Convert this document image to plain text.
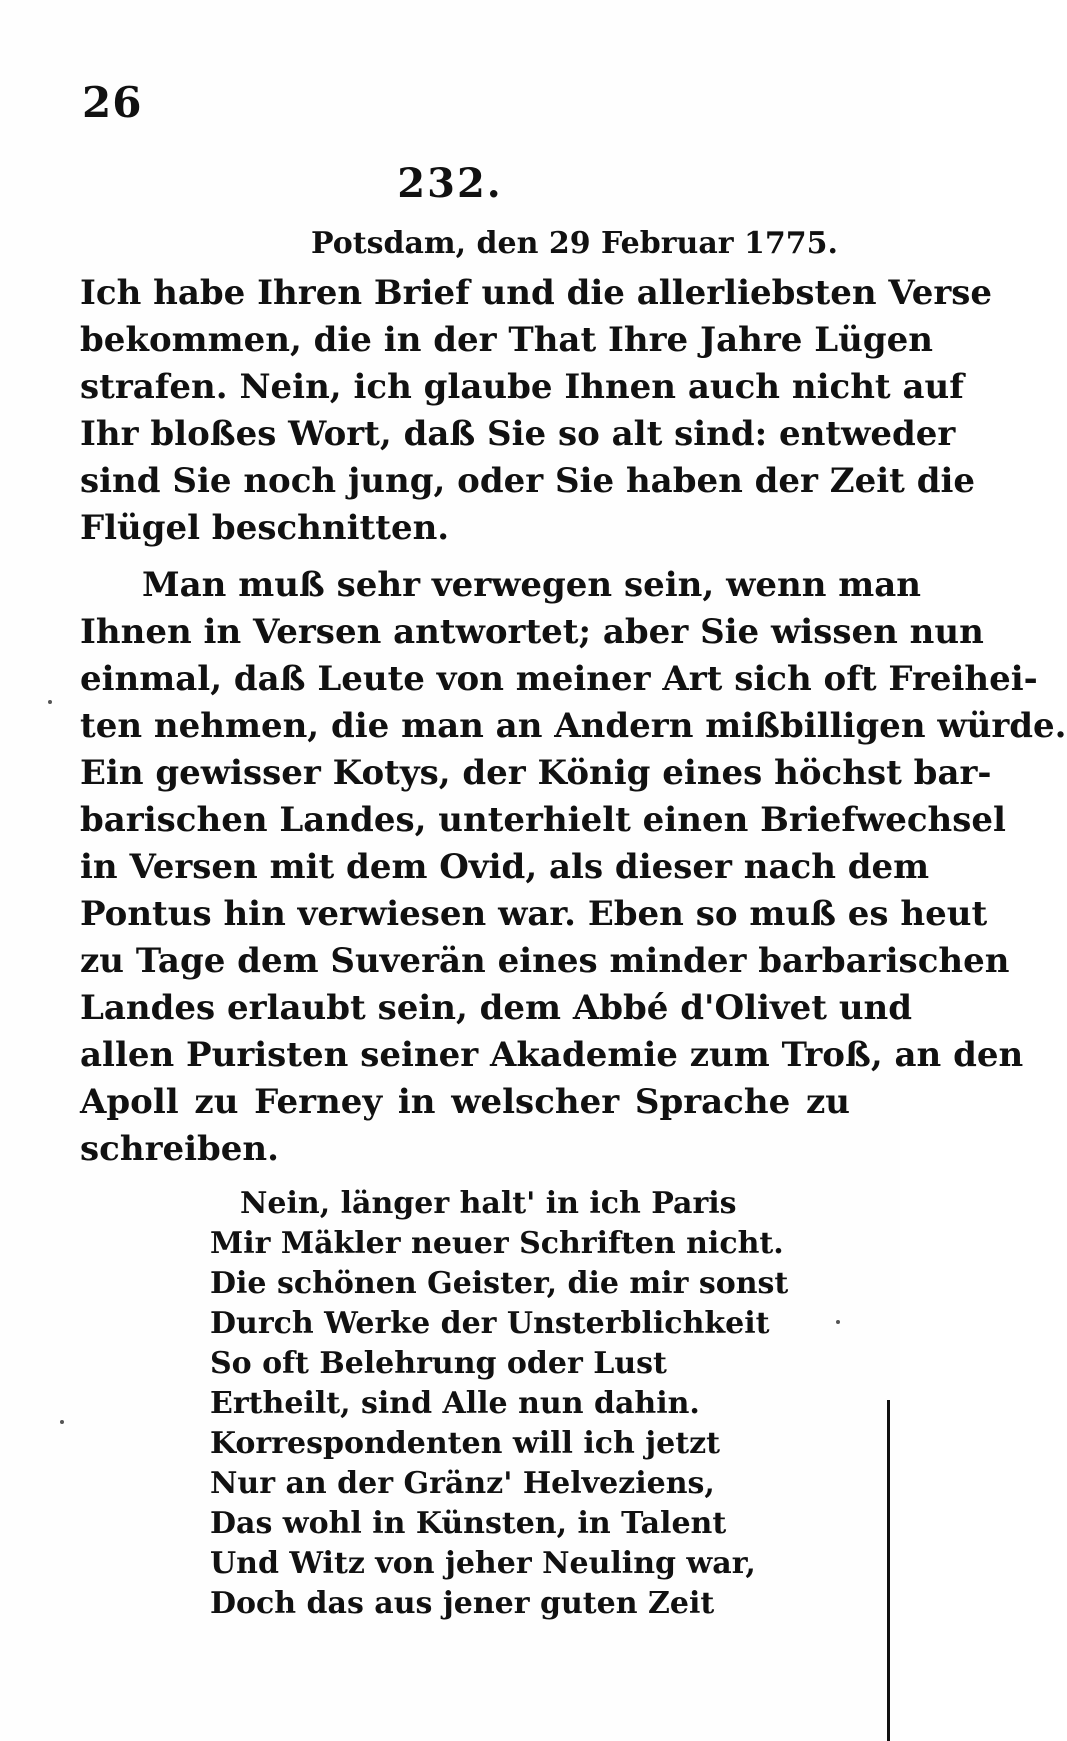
26
232.
Potsdam, den 29 Februar 1775.
Ich habe Ihren Brief und die allerliebsten Verse
bekommen, die in der That Ihre Jahre Lügen
strafen. Nein, ich glaube Ihnen auch nicht auf
Ihr bloßes Wort, daß Sie so alt sind: entweder
sind Sie noch jung, oder Sie haben der Zeit die
Flügel beschnitten.
Man muß sehr verwegen sein, wenn man
Ihnen in Versen antwortet; aber Sie wissen nun
einmal, daß Leute von meiner Art sich oft Freihei-
ten nehmen, die man an Andern mißbilligen würde.
Ein gewisser Kotys, der König eines höchst bar-
barischen Landes, unterhielt einen Briefwechsel
in Versen mit dem Ovid, als dieser nach dem
Pontus hin verwiesen war. Eben so muß es heut
zu Tage dem Suverän eines minder barbarischen
Landes erlaubt sein, dem Abbé d'Olivet und
allen Puristen seiner Akademie zum Troß, an den
Apoll zu Ferney in welscher Sprache zu
schreiben.
Nein, länger halt' in ich Paris
Mir Mäkler neuer Schriften nicht.
Die schönen Geister, die mir sonst
Durch Werke der Unsterblichkeit
So oft Belehrung oder Lust
Ertheilt, sind Alle nun dahin.
Korrespondenten will ich jetzt
Nur an der Gränz' Helveziens,
Das wohl in Künsten, in Talent
Und Witz von jeher Neuling war,
Doch das aus jener guten Zeit
